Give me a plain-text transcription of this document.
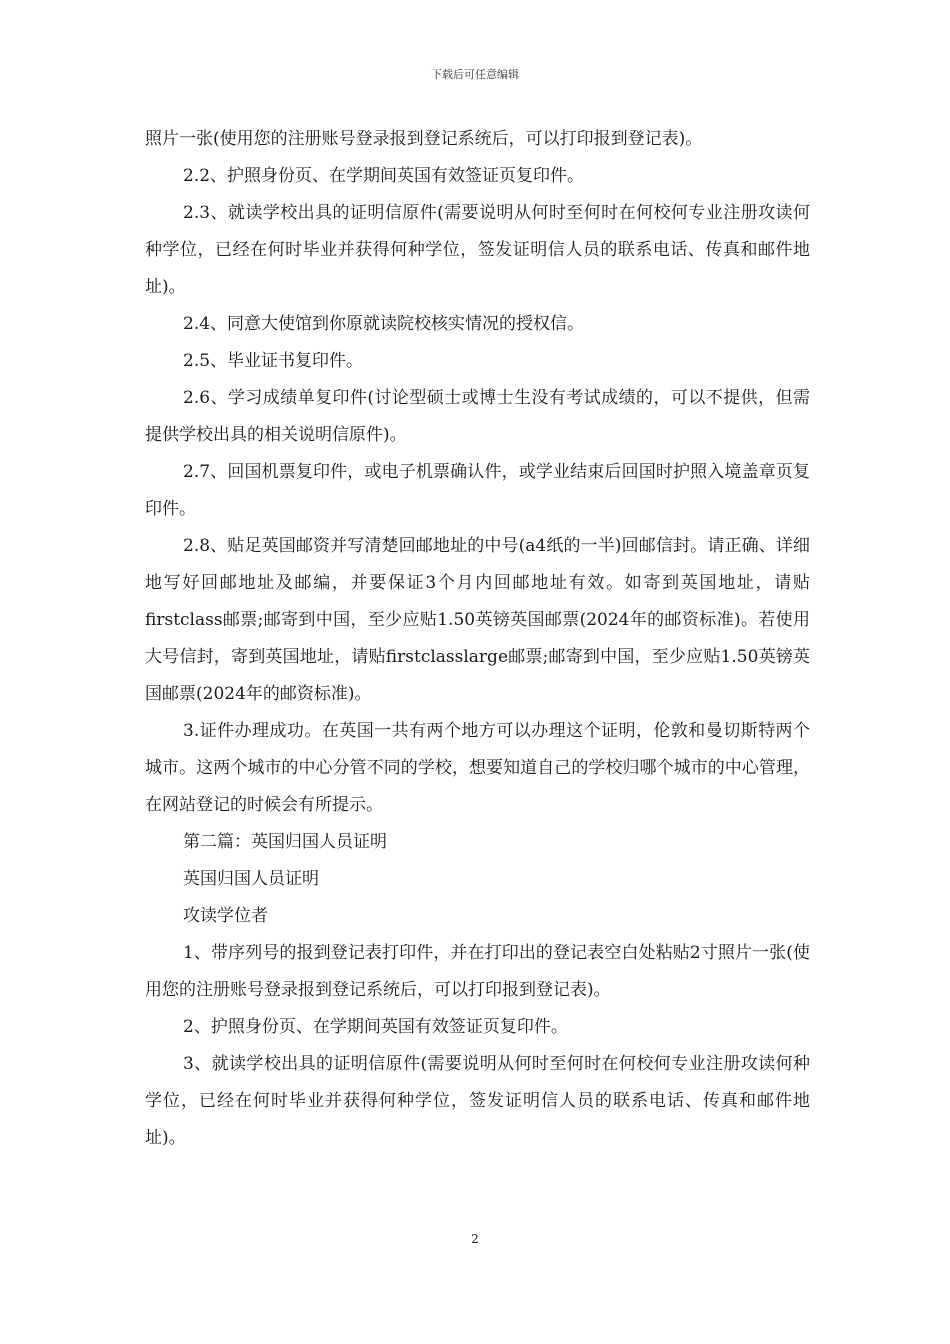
下载后可任意编辑

照片一张(使用您的注册账号登录报到登记系统后，可以打印报到登记表)。

2.2、护照身份页、在学期间英国有效签证页复印件。

2.3、就读学校出具的证明信原件(需要说明从何时至何时在何校何专业注册攻读何种学位，已经在何时毕业并获得何种学位，签发证明信人员的联系电话、传真和邮件地址)。

2.4、同意大使馆到你原就读院校核实情况的授权信。

2.5、毕业证书复印件。

2.6、学习成绩单复印件(讨论型硕士或博士生没有考试成绩的，可以不提供，但需提供学校出具的相关说明信原件)。

2.7、回国机票复印件，或电子机票确认件，或学业结束后回国时护照入境盖章页复印件。

2.8、贴足英国邮资并写清楚回邮地址的中号(a4纸的一半)回邮信封。请正确、详细地写好回邮地址及邮编，并要保证3个月内回邮地址有效。如寄到英国地址，请贴firstclass邮票;邮寄到中国，至少应贴1.50英镑英国邮票(2024年的邮资标准)。若使用大号信封，寄到英国地址，请贴firstclasslarge邮票;邮寄到中国，至少应贴1.50英镑英国邮票(2024年的邮资标准)。

3.证件办理成功。在英国一共有两个地方可以办理这个证明，伦敦和曼切斯特两个城市。这两个城市的中心分管不同的学校，想要知道自己的学校归哪个城市的中心管理，在网站登记的时候会有所提示。

第二篇：英国归国人员证明

英国归国人员证明

攻读学位者

1、带序列号的报到登记表打印件，并在打印出的登记表空白处粘贴2寸照片一张(使用您的注册账号登录报到登记系统后，可以打印报到登记表)。

2、护照身份页、在学期间英国有效签证页复印件。

3、就读学校出具的证明信原件(需要说明从何时至何时在何校何专业注册攻读何种学位，已经在何时毕业并获得何种学位，签发证明信人员的联系电话、传真和邮件地址)。

2
